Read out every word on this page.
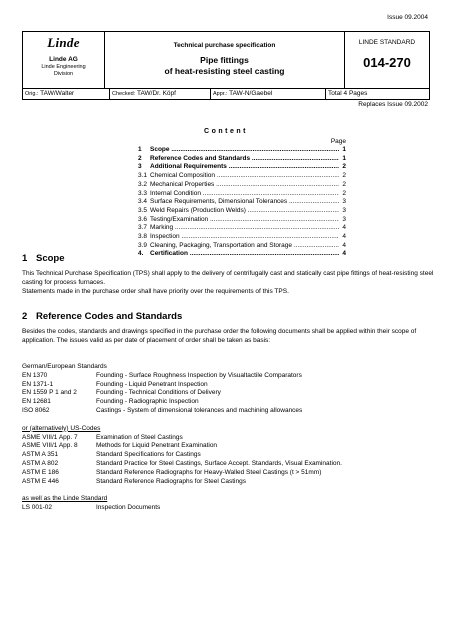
Issue 09.2004
Linde
Linde AG
Linde Engineering Division
Technical purchase specification
Pipe fittings
of heat-resisting steel casting
LINDE STANDARD
014-270
Orig.: TAW/Walter	Checked: TAW/Dr. Köpf	Appr.: TAW-N/Gaebel	Total 4 Pages
Replaces Issue 09.2002
Content
Page
1	Scope .....	1
2	Reference Codes and Standards .....	1
3	Additional Requirements .....	2
3.1 Chemical Composition .....	2
3.2 Mechanical Properties .....	2
3.3 Internal Condition .....	2
3.4 Surface Requirements, Dimensional Tolerances .....	3
3.5 Weld Repairs (Production Welds) .....	3
3.6 Testing/Examination .....	3
3.7 Marking .....	4
3.8 Inspection .....	4
3.9 Cleaning, Packaging, Transportation and Storage .....	4
4.	Certification .....	4
1 Scope

This Technical Purchase Specification (TPS) shall apply to the delivery of centrifugally cast and statically cast pipe fittings of heat-resisting steel casting for process furnaces.

Statements made in the purchase order shall have priority over the requirements of this TPS.

2 Reference Codes and Standards

Besides the codes, standards and drawings specified in the purchase order the following documents shall be applied within their scope of application. The issues valid as per date of placement of order shall be taken as basis:

German/European Standards
EN 1370	Founding - Surface Roughness Inspection by Visualtactile Comparators
EN 1371-1	Founding - Liquid Penetrant Inspection
EN 1559 P 1 and 2	Founding - Technical Conditions of Delivery
EN 12681	Founding - Radiographic Inspection
ISO 8062	Castings - System of dimensional tolerances and machining allowances
or (alternatively) US-Codes
ASME VIII/1 App. 7	Examination of Steel Castings
ASME VIII/1 App. 8	Methods for Liquid Penetrant Examination
ASTM A 351	Standard Specifications for Castings
ASTM A 802	Standard Practice for Steel Castings, Surface Accept. Standards, Visual Examination.
ASTM E 186	Standard Reference Radiographs for Heavy-Walled Steel Castings (t > 51mm)
ASTM E 446	Standard Reference Radiographs for Steel Castings
as well as the Linde Standard
LS 001-02	Inspection Documents
